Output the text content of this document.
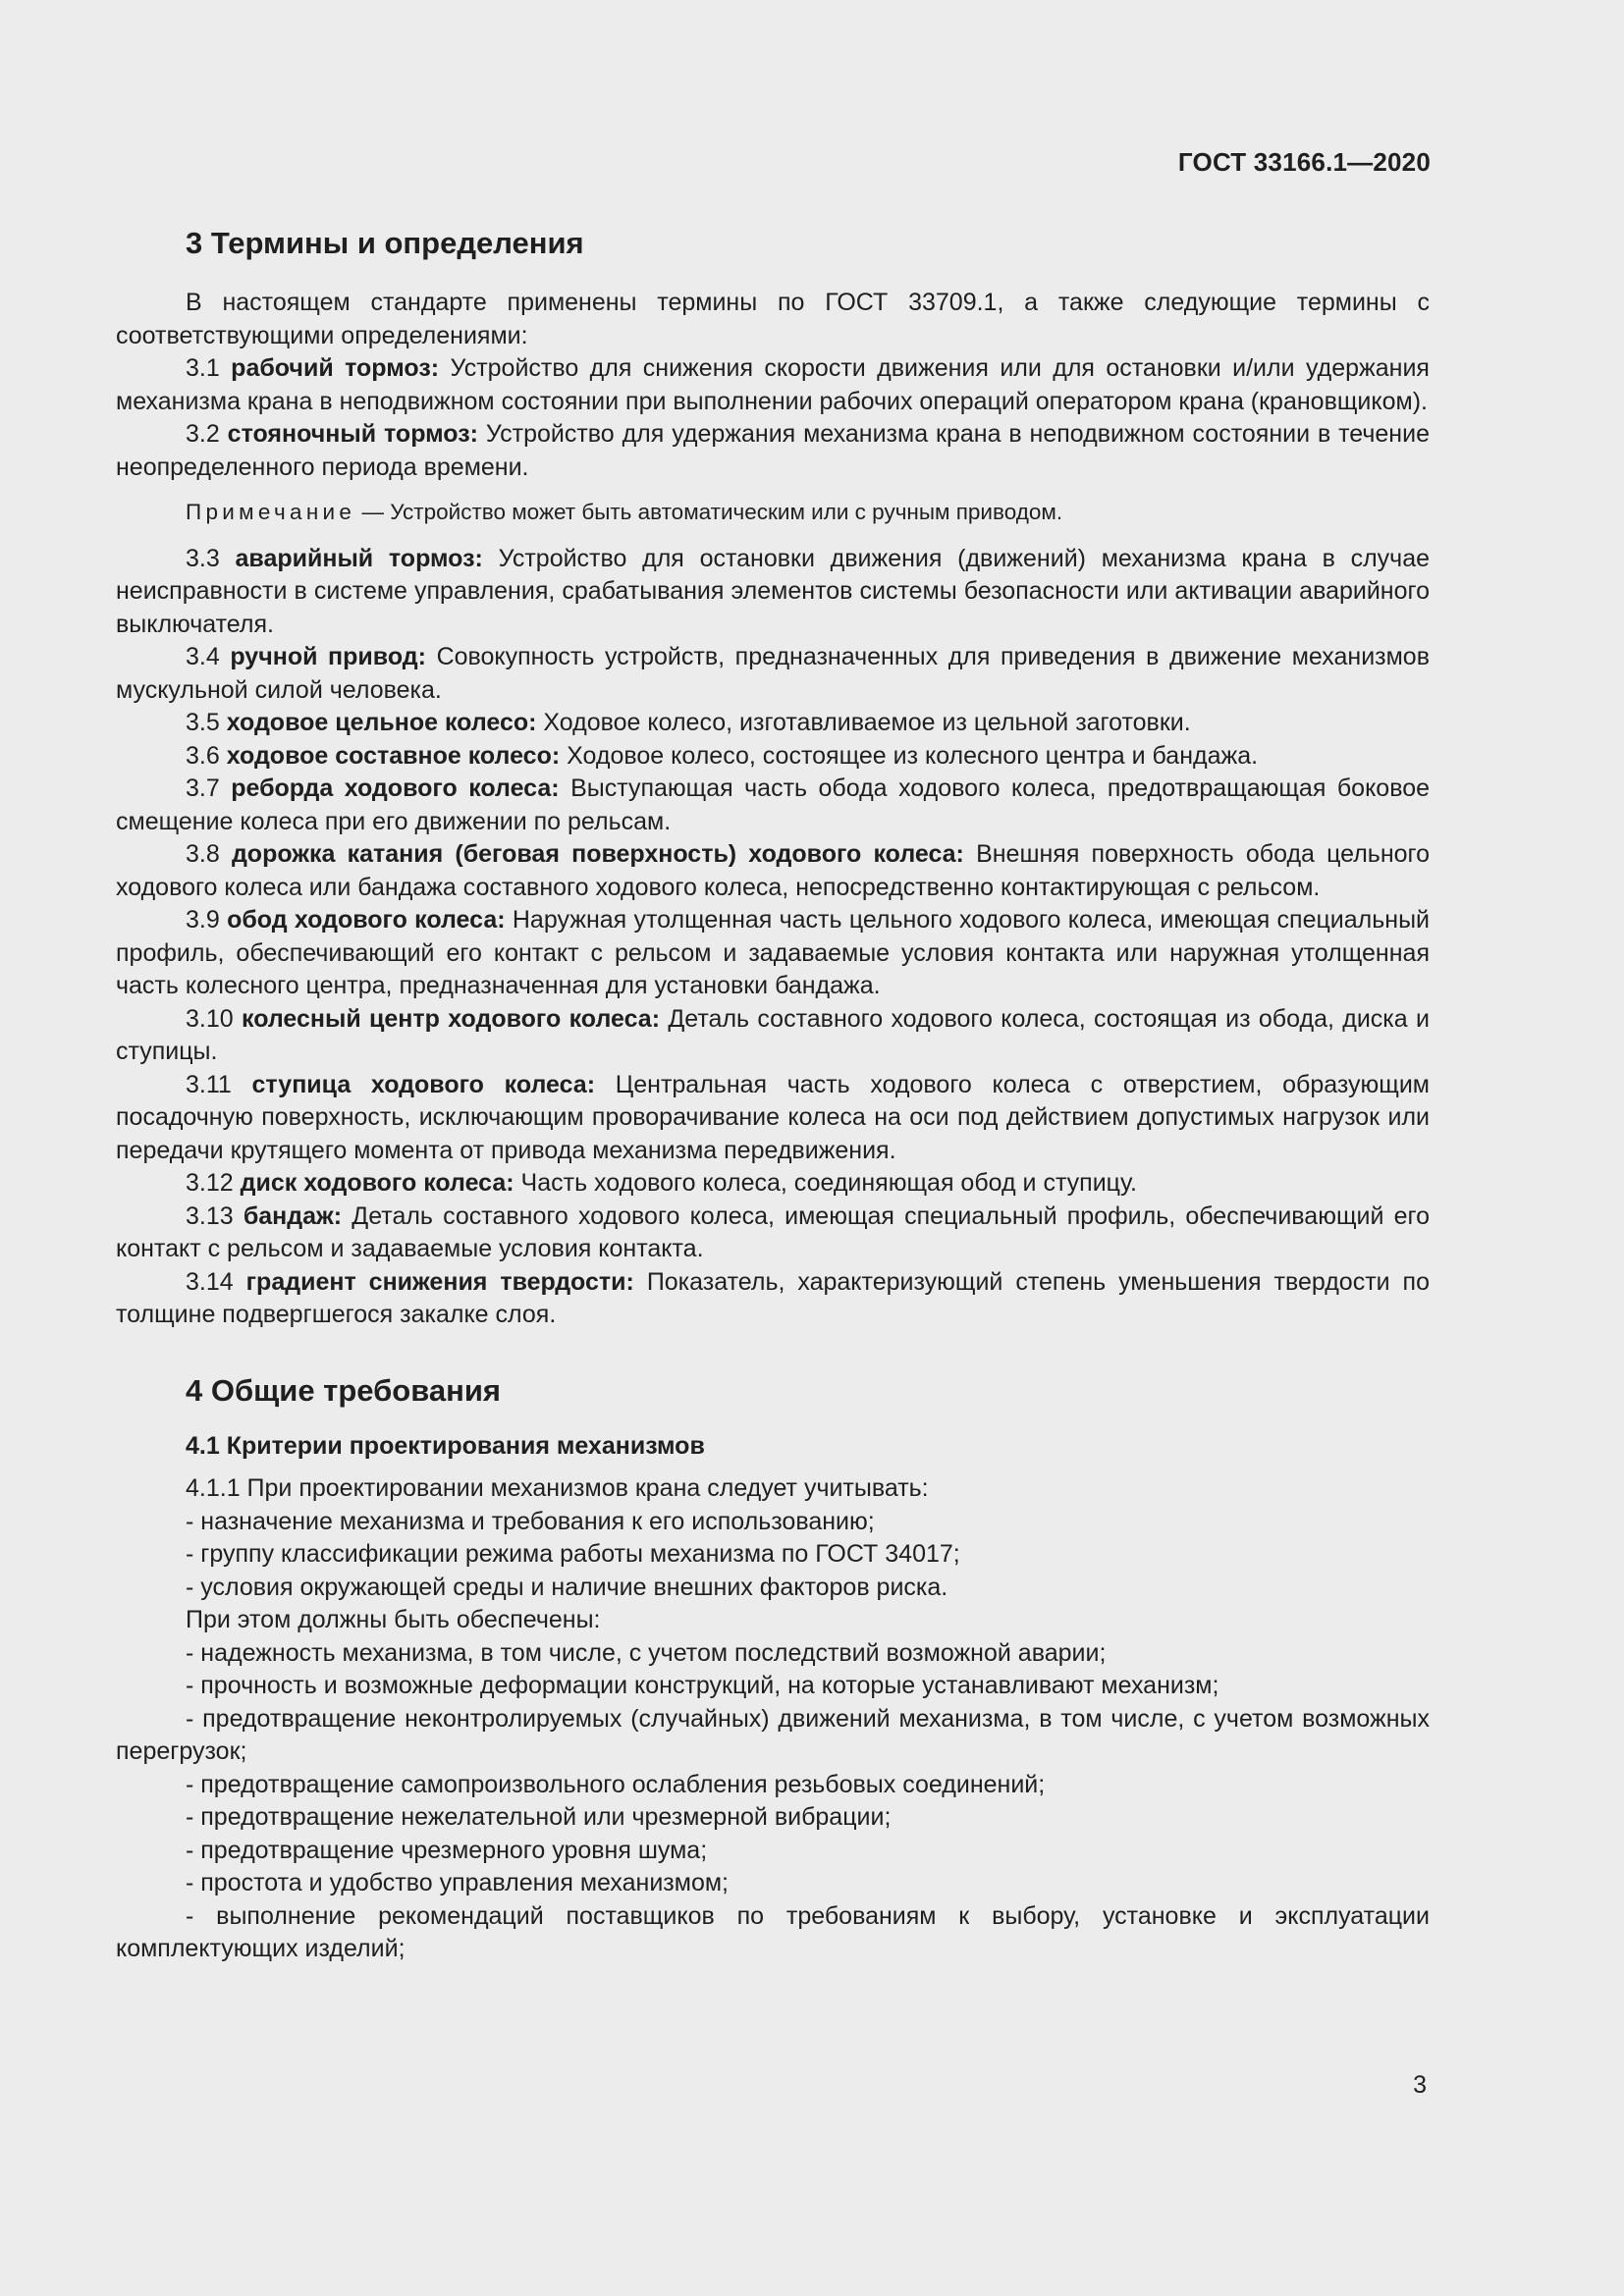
ГОСТ 33166.1—2020
3 Термины и определения

В настоящем стандарте применены термины по ГОСТ 33709.1, а также следующие термины с соответствующими определениями:

3.1 рабочий тормоз: Устройство для снижения скорости движения или для остановки и/или удержания механизма крана в неподвижном состоянии при выполнении рабочих операций оператором крана (крановщиком).

3.2 стояночный тормоз: Устройство для удержания механизма крана в неподвижном состоянии в течение неопределенного периода времени.

Примечание — Устройство может быть автоматическим или с ручным приводом.

3.3 аварийный тормоз: Устройство для остановки движения (движений) механизма крана в случае неисправности в системе управления, срабатывания элементов системы безопасности или активации аварийного выключателя.

3.4 ручной привод: Совокупность устройств, предназначенных для приведения в движение механизмов мускульной силой человека.

3.5 ходовое цельное колесо: Ходовое колесо, изготавливаемое из цельной заготовки.

3.6 ходовое составное колесо: Ходовое колесо, состоящее из колесного центра и бандажа.

3.7 реборда ходового колеса: Выступающая часть обода ходового колеса, предотвращающая боковое смещение колеса при его движении по рельсам.

3.8 дорожка катания (беговая поверхность) ходового колеса: Внешняя поверхность обода цельного ходового колеса или бандажа составного ходового колеса, непосредственно контактирующая с рельсом.

3.9 обод ходового колеса: Наружная утолщенная часть цельного ходового колеса, имеющая специальный профиль, обеспечивающий его контакт с рельсом и задаваемые условия контакта или наружная утолщенная часть колесного центра, предназначенная для установки бандажа.

3.10 колесный центр ходового колеса: Деталь составного ходового колеса, состоящая из обода, диска и ступицы.

3.11 ступица ходового колеса: Центральная часть ходового колеса с отверстием, образующим посадочную поверхность, исключающим проворачивание колеса на оси под действием допустимых нагрузок или передачи крутящего момента от привода механизма передвижения.

3.12 диск ходового колеса: Часть ходового колеса, соединяющая обод и ступицу.

3.13 бандаж: Деталь составного ходового колеса, имеющая специальный профиль, обеспечивающий его контакт с рельсом и задаваемые условия контакта.

3.14 градиент снижения твердости: Показатель, характеризующий степень уменьшения твердости по толщине подвергшегося закалке слоя.

4 Общие требования
4.1 Критерии проектирования механизмов

4.1.1 При проектировании механизмов крана следует учитывать:

- назначение механизма и требования к его использованию;

- группу классификации режима работы механизма по ГОСТ 34017;

- условия окружающей среды и наличие внешних факторов риска.

При этом должны быть обеспечены:

- надежность механизма, в том числе, с учетом последствий возможной аварии;

- прочность и возможные деформации конструкций, на которые устанавливают механизм;

- предотвращение неконтролируемых (случайных) движений механизма, в том числе, с учетом возможных перегрузок;

- предотвращение самопроизвольного ослабления резьбовых соединений;

- предотвращение нежелательной или чрезмерной вибрации;

- предотвращение чрезмерного уровня шума;

- простота и удобство управления механизмом;

- выполнение рекомендаций поставщиков по требованиям к выбору, установке и эксплуатации комплектующих изделий;

3
